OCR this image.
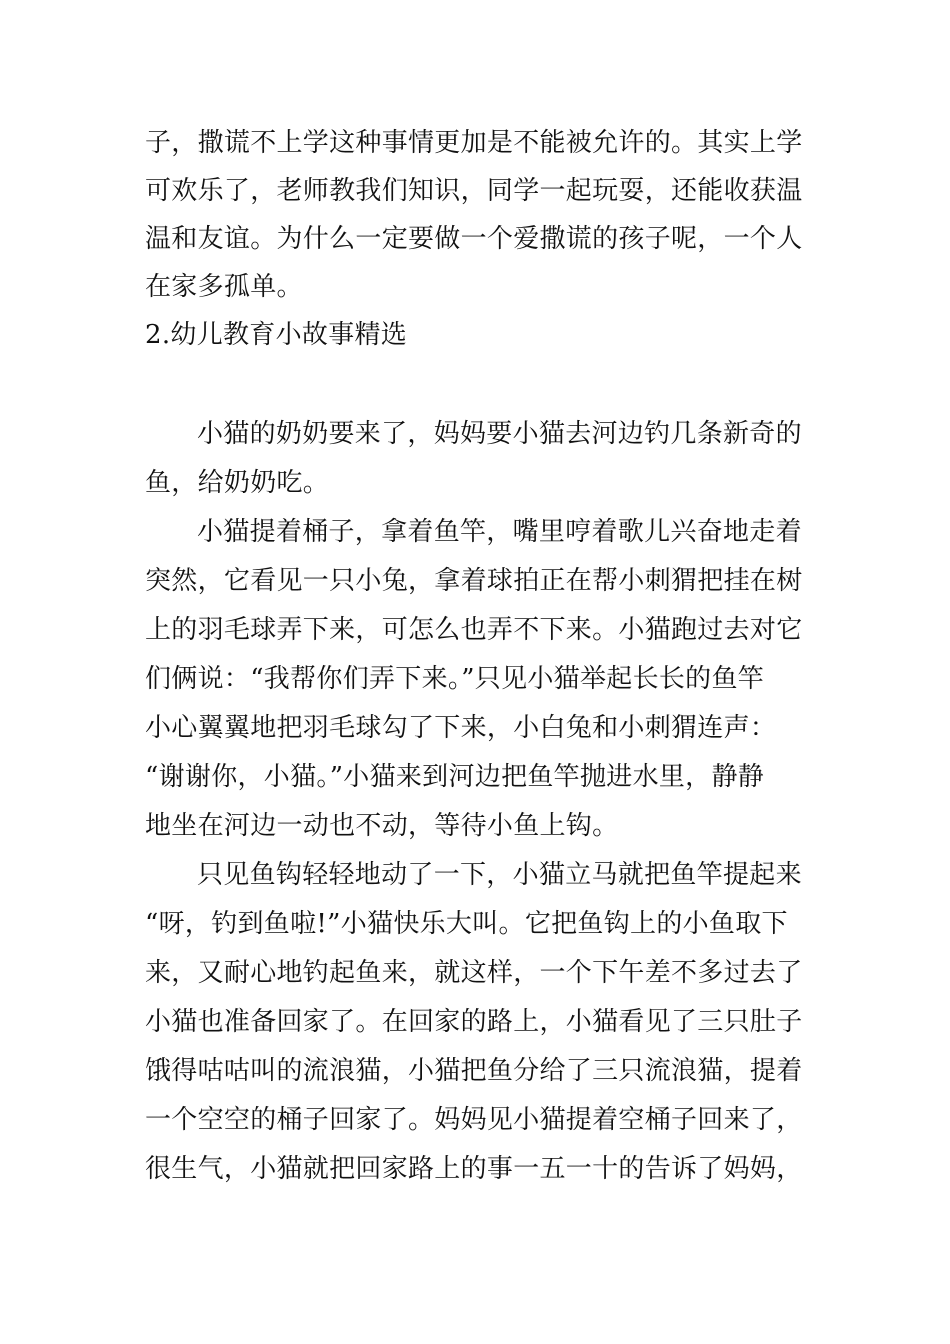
子，撒谎不上学这种事情更加是不能被允许的。其实上学
可欢乐了，老师教我们知识，同学一起玩耍，还能收获温
温和友谊。为什么一定要做一个爱撒谎的孩子呢，一个人
在家多孤单。
2.幼儿教育小故事精选
小猫的奶奶要来了，妈妈要小猫去河边钓几条新奇的
鱼，给奶奶吃。
小猫提着桶子，拿着鱼竿，嘴里哼着歌儿兴奋地走着
突然，它看见一只小兔，拿着球拍正在帮小刺猬把挂在树
上的羽毛球弄下来，可怎么也弄不下来。小猫跑过去对它
们俩说：“我帮你们弄下来。”只见小猫举起长长的鱼竿
小心翼翼地把羽毛球勾了下来，小白兔和小刺猬连声：
“谢谢你，小猫。”小猫来到河边把鱼竿抛进水里，静静
地坐在河边一动也不动，等待小鱼上钩。
只见鱼钩轻轻地动了一下，小猫立马就把鱼竿提起来
“呀，钓到鱼啦!”小猫快乐大叫。它把鱼钩上的小鱼取下
来，又耐心地钓起鱼来，就这样，一个下午差不多过去了
小猫也准备回家了。在回家的路上，小猫看见了三只肚子
饿得咕咕叫的流浪猫，小猫把鱼分给了三只流浪猫，提着
一个空空的桶子回家了。妈妈见小猫提着空桶子回来了，
很生气，小猫就把回家路上的事一五一十的告诉了妈妈，
